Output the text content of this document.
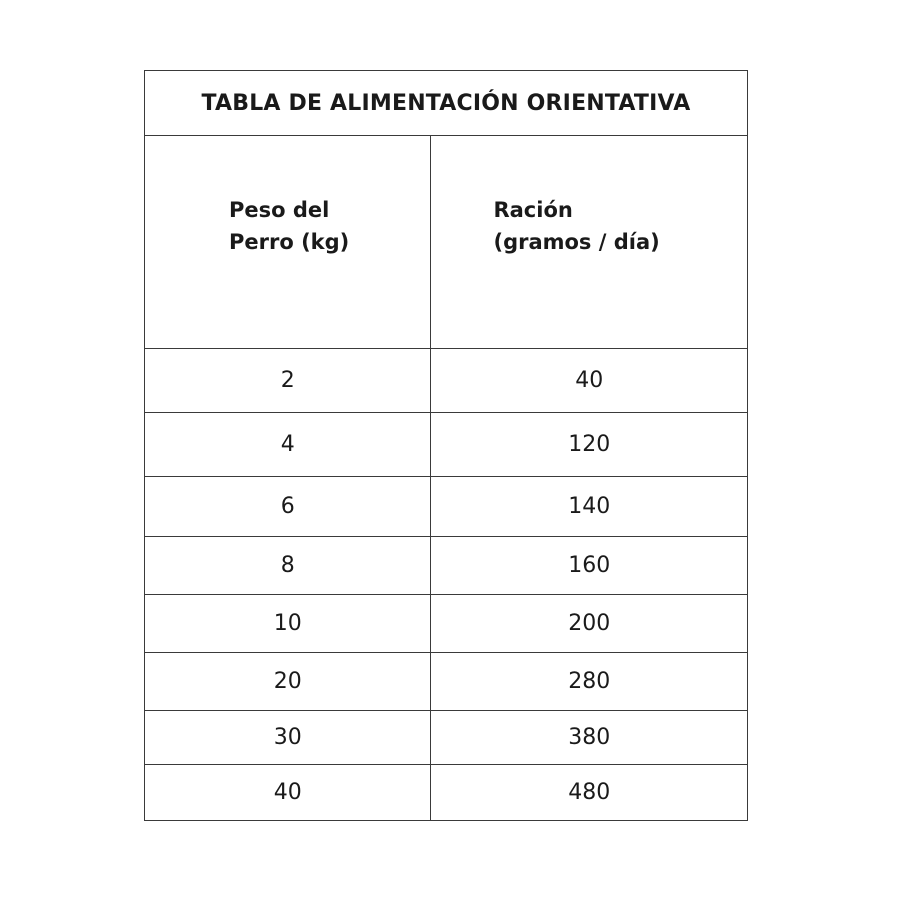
TABLA DE ALIMENTACIÓN ORIENTATIVA	

Peso del
Perro (kg)	Ración
(gramos / día)

2	40
4	120
6	140
8	160
10	200
20	280
30	380
40	480
